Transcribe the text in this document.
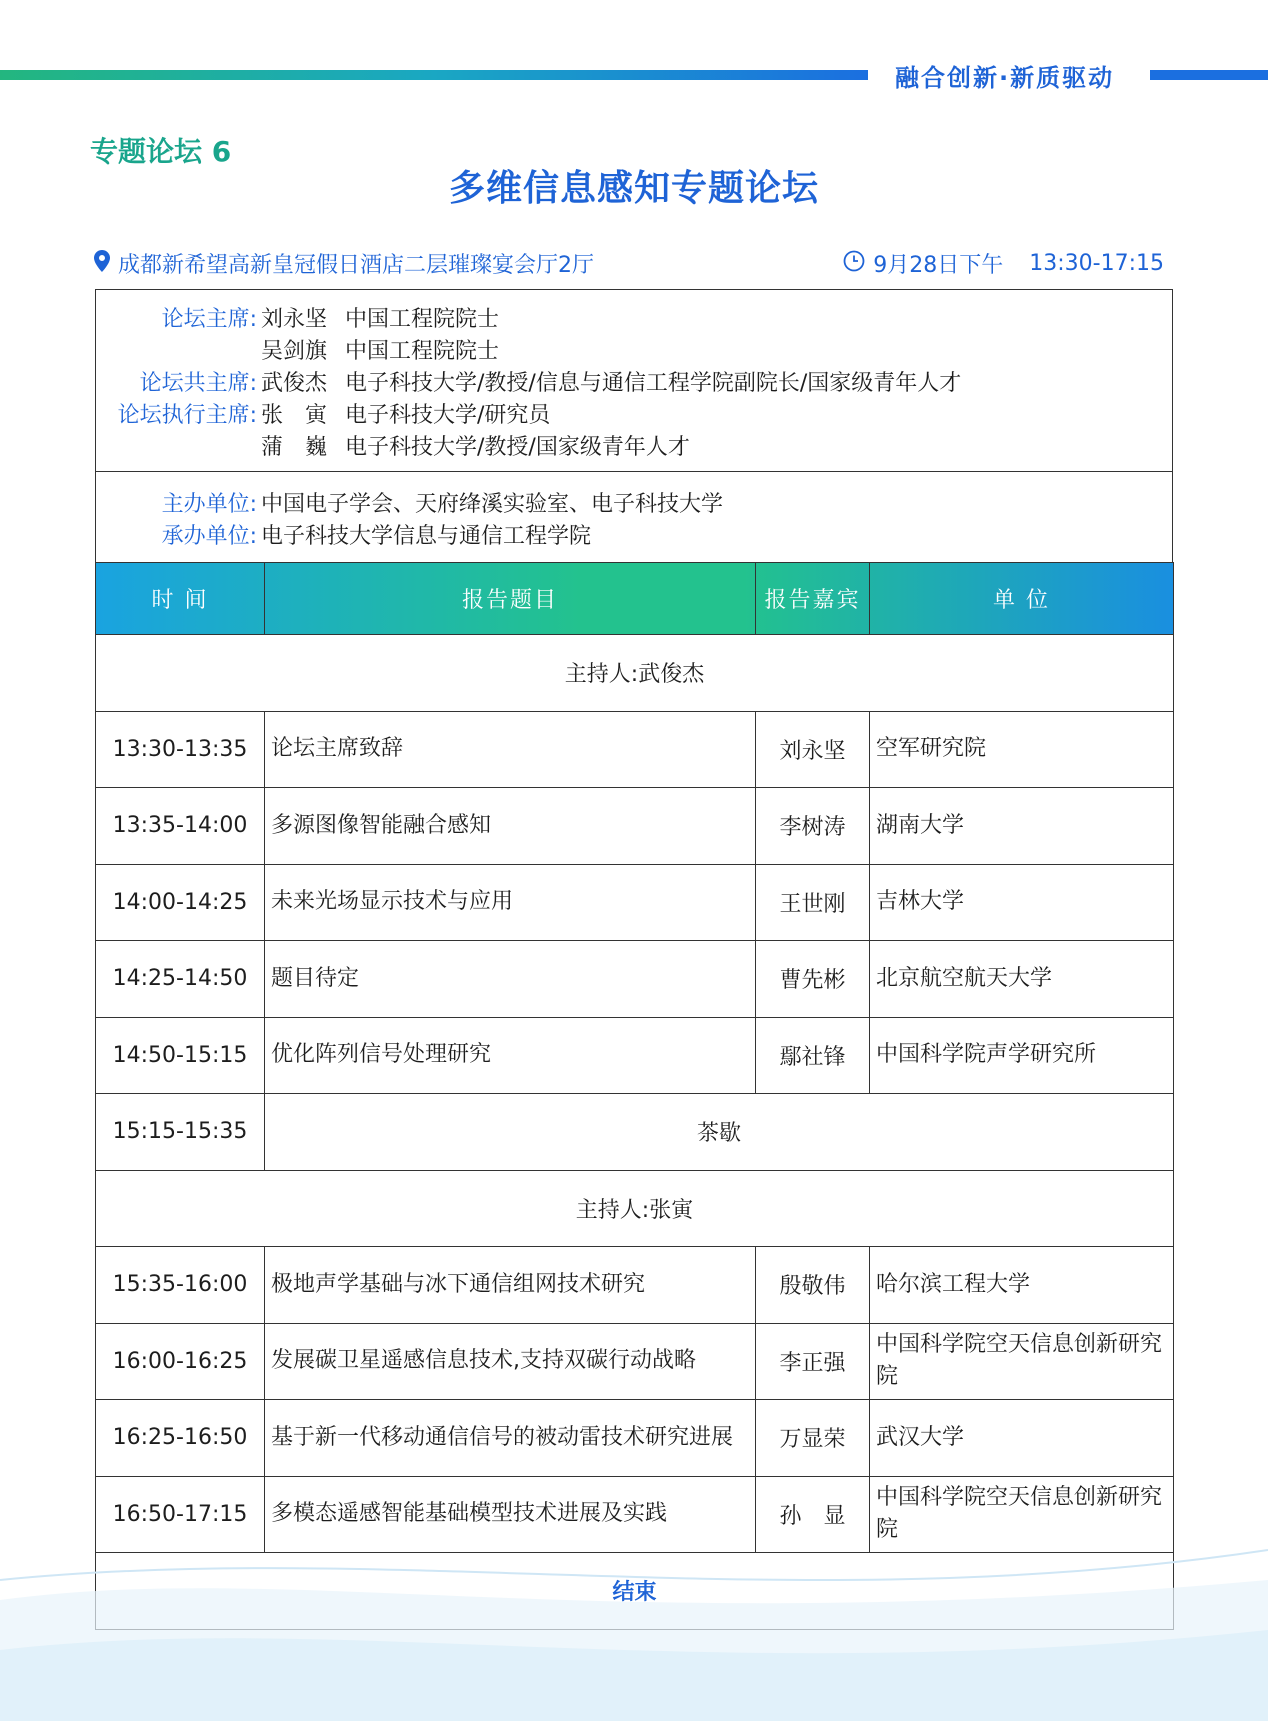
融合创新·新质驱动
专题论坛 6
多维信息感知专题论坛
成都新希望高新皇冠假日酒店二层璀璨宴会厅2厅	9月28日下午 13:30-17:15
论坛主席: 刘永坚 中国工程院院士
吴剑旗 中国工程院院士
论坛共主席: 武俊杰 电子科技大学/教授/信息与通信工程学院副院长/国家级青年人才
论坛执行主席: 张　寅 电子科技大学/研究员
蒲　巍 电子科技大学/教授/国家级青年人才
主办单位: 中国电子学会、天府绛溪实验室、电子科技大学
承办单位: 电子科技大学信息与通信工程学院
时 间	报告题目	报告嘉宾	单 位
主持人:武俊杰			
13:30-13:35	论坛主席致辞	刘永坚	空军研究院
13:35-14:00	多源图像智能融合感知	李树涛	湖南大学
14:00-14:25	未来光场显示技术与应用	王世刚	吉林大学
14:25-14:50	题目待定	曹先彬	北京航空航天大学
14:50-15:15	优化阵列信号处理研究	鄢社锋	中国科学院声学研究所
15:15-15:35	茶歇		
主持人:张寅			
15:35-16:00	极地声学基础与冰下通信组网技术研究	殷敬伟	哈尔滨工程大学
16:00-16:25	发展碳卫星遥感信息技术,支持双碳行动战略	李正强	中国科学院空天信息创新研究院
16:25-16:50	基于新一代移动通信信号的被动雷技术研究进展	万显荣	武汉大学
16:50-17:15	多模态遥感智能基础模型技术进展及实践	孙　显	中国科学院空天信息创新研究院
结束			
